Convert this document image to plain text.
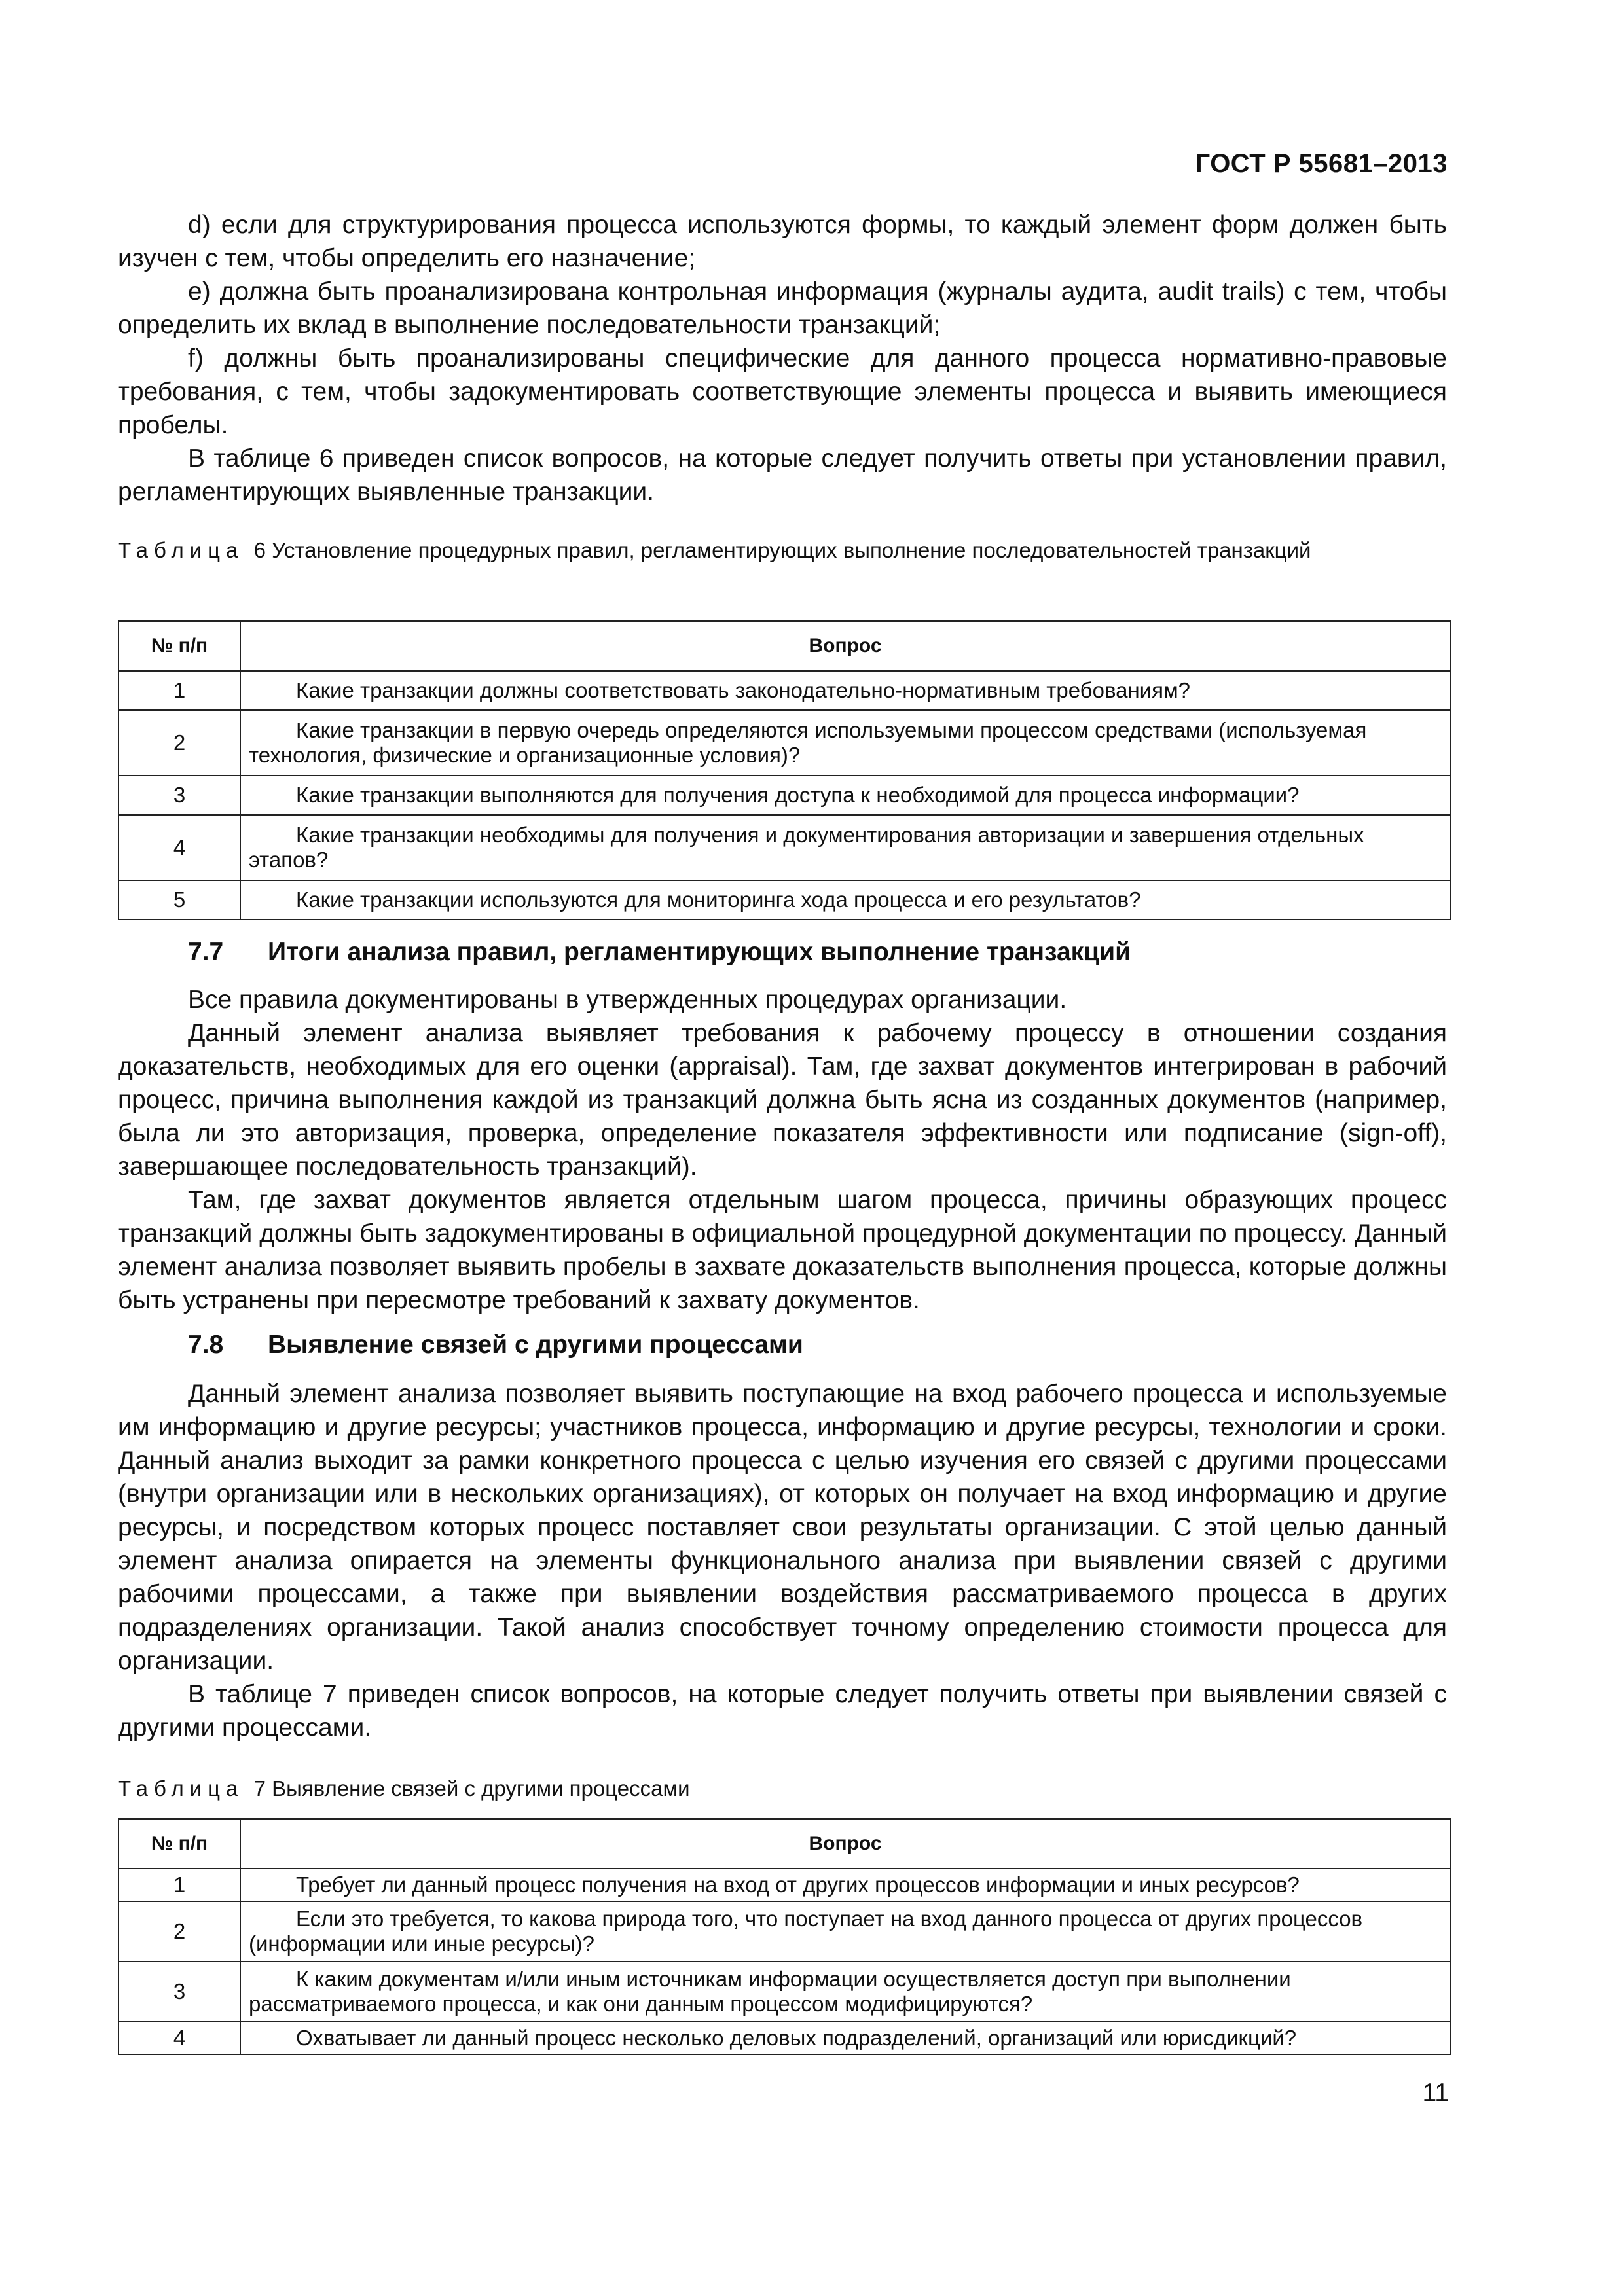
ГОСТ Р 55681–2013

d) если для структурирования процесса используются формы, то каждый элемент форм должен быть изучен с тем, чтобы определить его назначение;

e) должна быть проанализирована контрольная информация (журналы аудита, audit trails) с тем, чтобы определить их вклад в выполнение последовательности транзакций;

f) должны быть проанализированы специфические для данного процесса нормативно-правовые требования, с тем, чтобы задокументировать соответствующие элементы процесса и выявить имеющиеся пробелы.

В таблице 6 приведен список вопросов, на которые следует получить ответы при установлении правил, регламентирующих выявленные транзакции.

Таблица 6 Установление процедурных правил, регламентирующих выполнение последовательностей транзакций
№ п/п	Вопрос
1	Какие транзакции должны соответствовать законодательно-нормативным требованиям?
2	Какие транзакции в первую очередь определяются используемыми процессом средствами (используемая технология, физические и организационные условия)?
3	Какие транзакции выполняются для получения доступа к необходимой для процесса информации?
4	Какие транзакции необходимы для получения и документирования авторизации и завершения отдельных этапов?
5	Какие транзакции используются для мониторинга хода процесса и его результатов?
7.7 Итоги анализа правил, регламентирующих выполнение транзакций

Все правила документированы в утвержденных процедурах организации.

Данный элемент анализа выявляет требования к рабочему процессу в отношении создания доказательств, необходимых для его оценки (appraisal). Там, где захват документов интегрирован в рабочий процесс, причина выполнения каждой из транзакций должна быть ясна из созданных документов (например, была ли это авторизация, проверка, определение показателя эффективности или подписание (sign-off), завершающее последовательность транзакций).

Там, где захват документов является отдельным шагом процесса, причины образующих процесс транзакций должны быть задокументированы в официальной процедурной документации по процессу. Данный элемент анализа позволяет выявить пробелы в захвате доказательств выполнения процесса, которые должны быть устранены при пересмотре требований к захвату документов.

7.8 Выявление связей с другими процессами

Данный элемент анализа позволяет выявить поступающие на вход рабочего процесса и используемые им информацию и другие ресурсы; участников процесса, информацию и другие ресурсы, технологии и сроки. Данный анализ выходит за рамки конкретного процесса с целью изучения его связей с другими процессами (внутри организации или в нескольких организациях), от которых он получает на вход информацию и другие ресурсы, и посредством которых процесс поставляет свои результаты организации. С этой целью данный элемент анализа опирается на элементы функционального анализа при выявлении связей с другими рабочими процессами, а также при выявлении воздействия рассматриваемого процесса в других подразделениях организации. Такой анализ способствует точному определению стоимости процесса для организации.

В таблице 7 приведен список вопросов, на которые следует получить ответы при выявлении связей с другими процессами.

Таблица 7 Выявление связей с другими процессами
№ п/п	Вопрос
1	Требует ли данный процесс получения на вход от других процессов информации и иных ресурсов?
2	Если это требуется, то какова природа того, что поступает на вход данного процесса от других процессов (информации или иные ресурсы)?
3	К каким документам и/или иным источникам информации осуществляется доступ при выполнении рассматриваемого процесса, и как они данным процессом модифицируются?
4	Охватывает ли данный процесс несколько деловых подразделений, организаций или юрисдикций?
11
